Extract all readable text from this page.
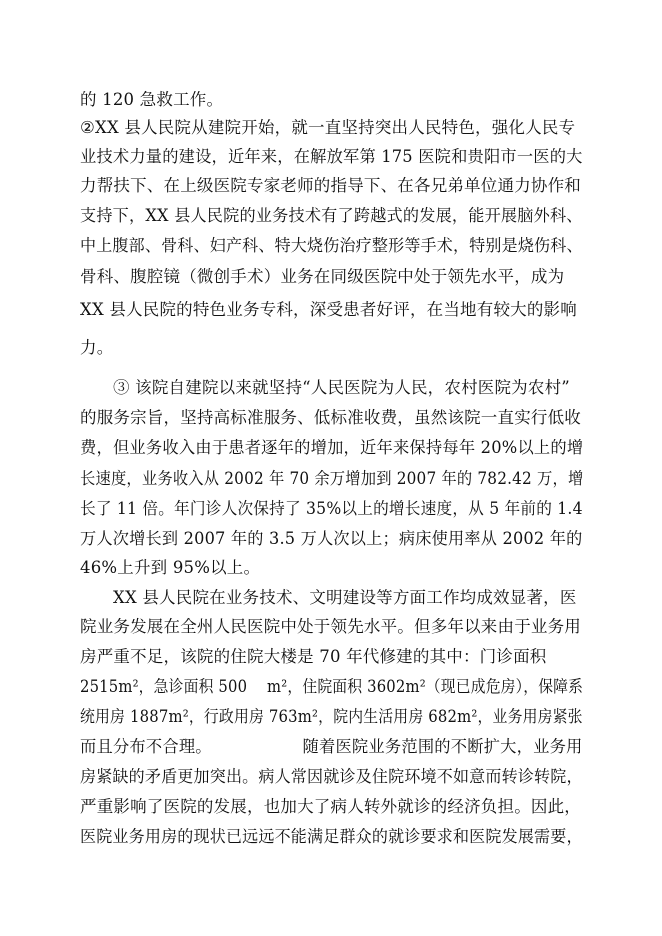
的 120 急救工作。
②XX 县人民院从建院开始，就一直坚持突出人民特色，强化人民专
业技术力量的建设，近年来，在解放军第 175 医院和贵阳市一医的大
力帮扶下、在上级医院专家老师的指导下、在各兄弟单位通力协作和
支持下，XX 县人民院的业务技术有了跨越式的发展，能开展脑外科、
中上腹部、骨科、妇产科、特大烧伤治疗整形等手术，特别是烧伤科、
骨科、腹腔镜（微创手术）业务在同级医院中处于领先水平，成为
XX 县人民院的特色业务专科，深受患者好评，在当地有较大的影响
力。
③ 该院自建院以来就坚持“人民医院为人民，农村医院为农村”
的服务宗旨，坚持高标准服务、低标准收费，虽然该院一直实行低收
费，但业务收入由于患者逐年的增加，近年来保持每年 20%以上的增
长速度，业务收入从 2002 年 70 余万增加到 2007 年的 782.42 万，增
长了 11 倍。年门诊人次保持了 35%以上的增长速度，从 5 年前的 1.4
万人次增长到 2007 年的 3.5 万人次以上；病床使用率从 2002 年的
46%上升到 95%以上。
XX 县人民院在业务技术、文明建设等方面工作均成效显著，医
院业务发展在全州人民医院中处于领先水平。但多年以来由于业务用
房严重不足，该院的住院大楼是 70 年代修建的其中：门诊面积
2515m²，急诊面积 500　 m²，住院面积 3602m²（现已成危房），保障系
统用房 1887m²，行政用房 763m²，院内生活用房 682m²，业务用房紧张
而且分布不合理。	随着医院业务范围的不断扩大，业务用
房紧缺的矛盾更加突出。病人常因就诊及住院环境不如意而转诊转院，
严重影响了医院的发展，也加大了病人转外就诊的经济负担。因此，
医院业务用房的现状已远远不能满足群众的就诊要求和医院发展需要，
